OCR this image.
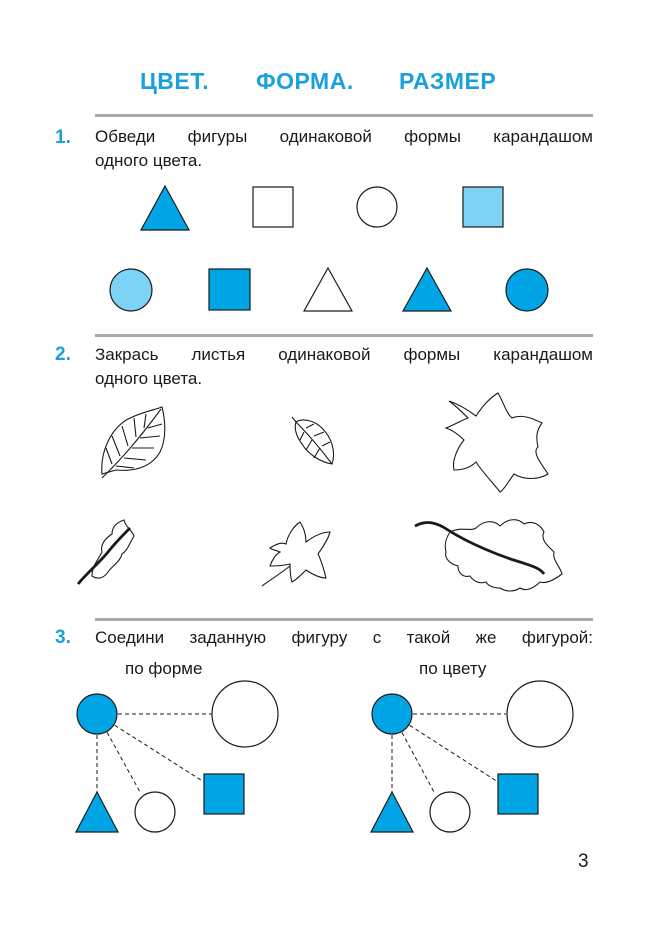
ЦВЕТ. ФОРМА. РАЗМЕР
1. Обведи фигуры одинаковой формы карандашом
одного цвета.
2. Закрась листья одинаковой формы карандашом
одного цвета.
3. Соедини заданную фигуру с такой же фигурой:
по форме	по цвету
3
